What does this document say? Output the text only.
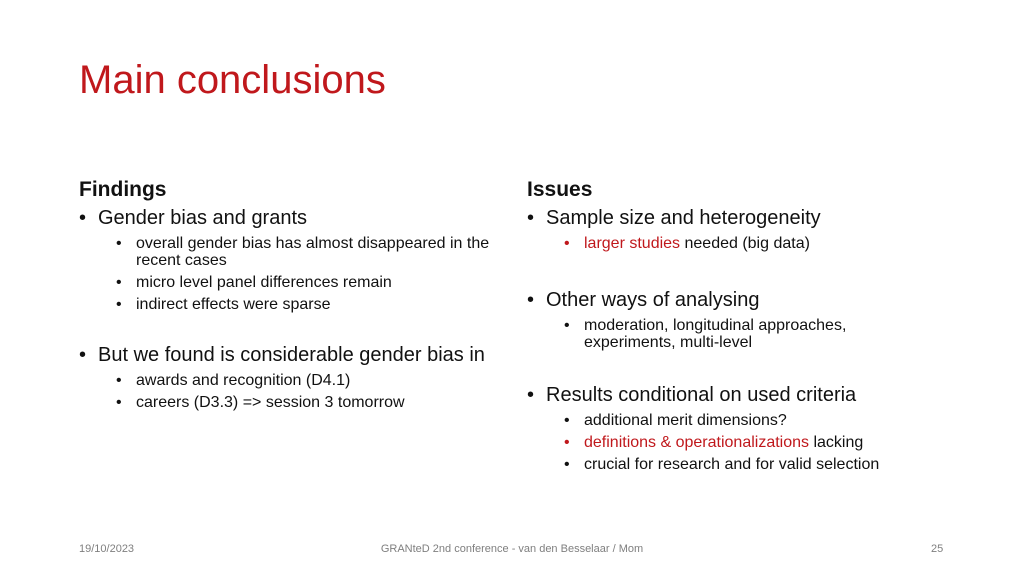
Main conclusions
Findings
• Gender bias and grants
• overall gender bias has almost disappeared in the recent cases
• micro level panel differences remain
• indirect effects were sparse
• But we found is considerable gender bias in
• awards and recognition (D4.1)
• careers (D3.3) => session 3 tomorrow
Issues
• Sample size and heterogeneity
• larger studies needed (big data)
• Other ways of analysing
• moderation, longitudinal approaches, experiments, multi-level
• Results conditional on used criteria
• additional merit dimensions?
• definitions & operationalizations lacking
• crucial for research and for valid selection
19/10/2023	GRANteD 2nd conference - van den Besselaar / Mom	25
